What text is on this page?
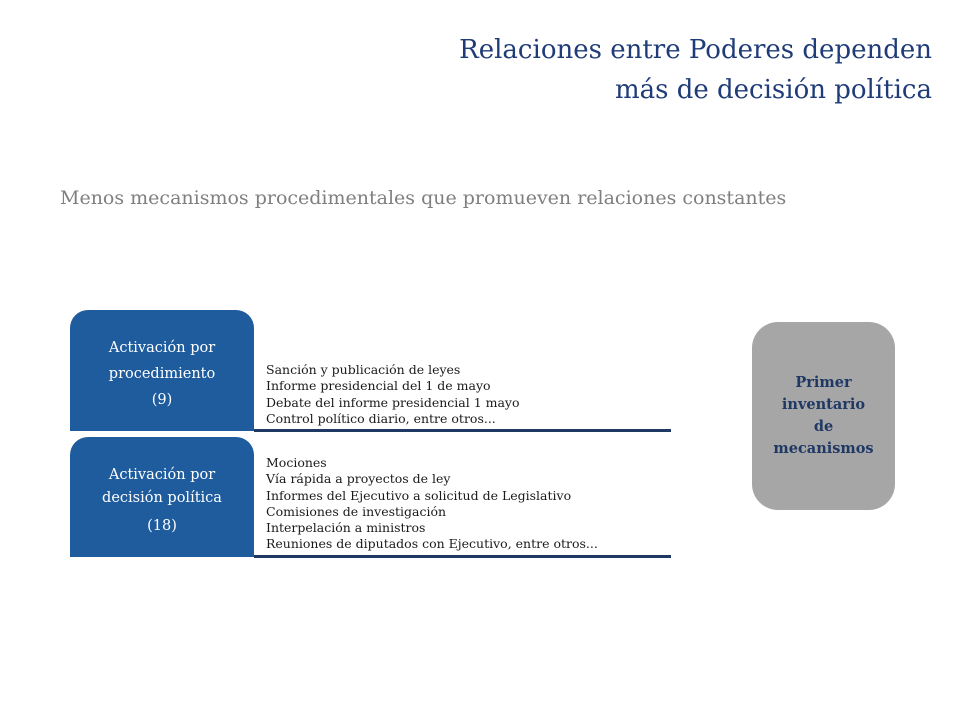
Relaciones entre Poderes dependen
más de decisión política
Menos mecanismos procedimentales que promueven relaciones constantes
Activación por
procedimiento
(9)
Sanción y publicación de leyes
Informe presidencial del 1 de mayo
Debate del informe presidencial 1 mayo
Control político diario, entre otros...
Activación por
decisión política
(18)
Mociones
Vía rápida a proyectos de ley
Informes del Ejecutivo a solicitud de Legislativo
Comisiones de investigación
Interpelación a ministros
Reuniones de diputados con Ejecutivo, entre otros...
Primer
inventario
de
mecanismos
